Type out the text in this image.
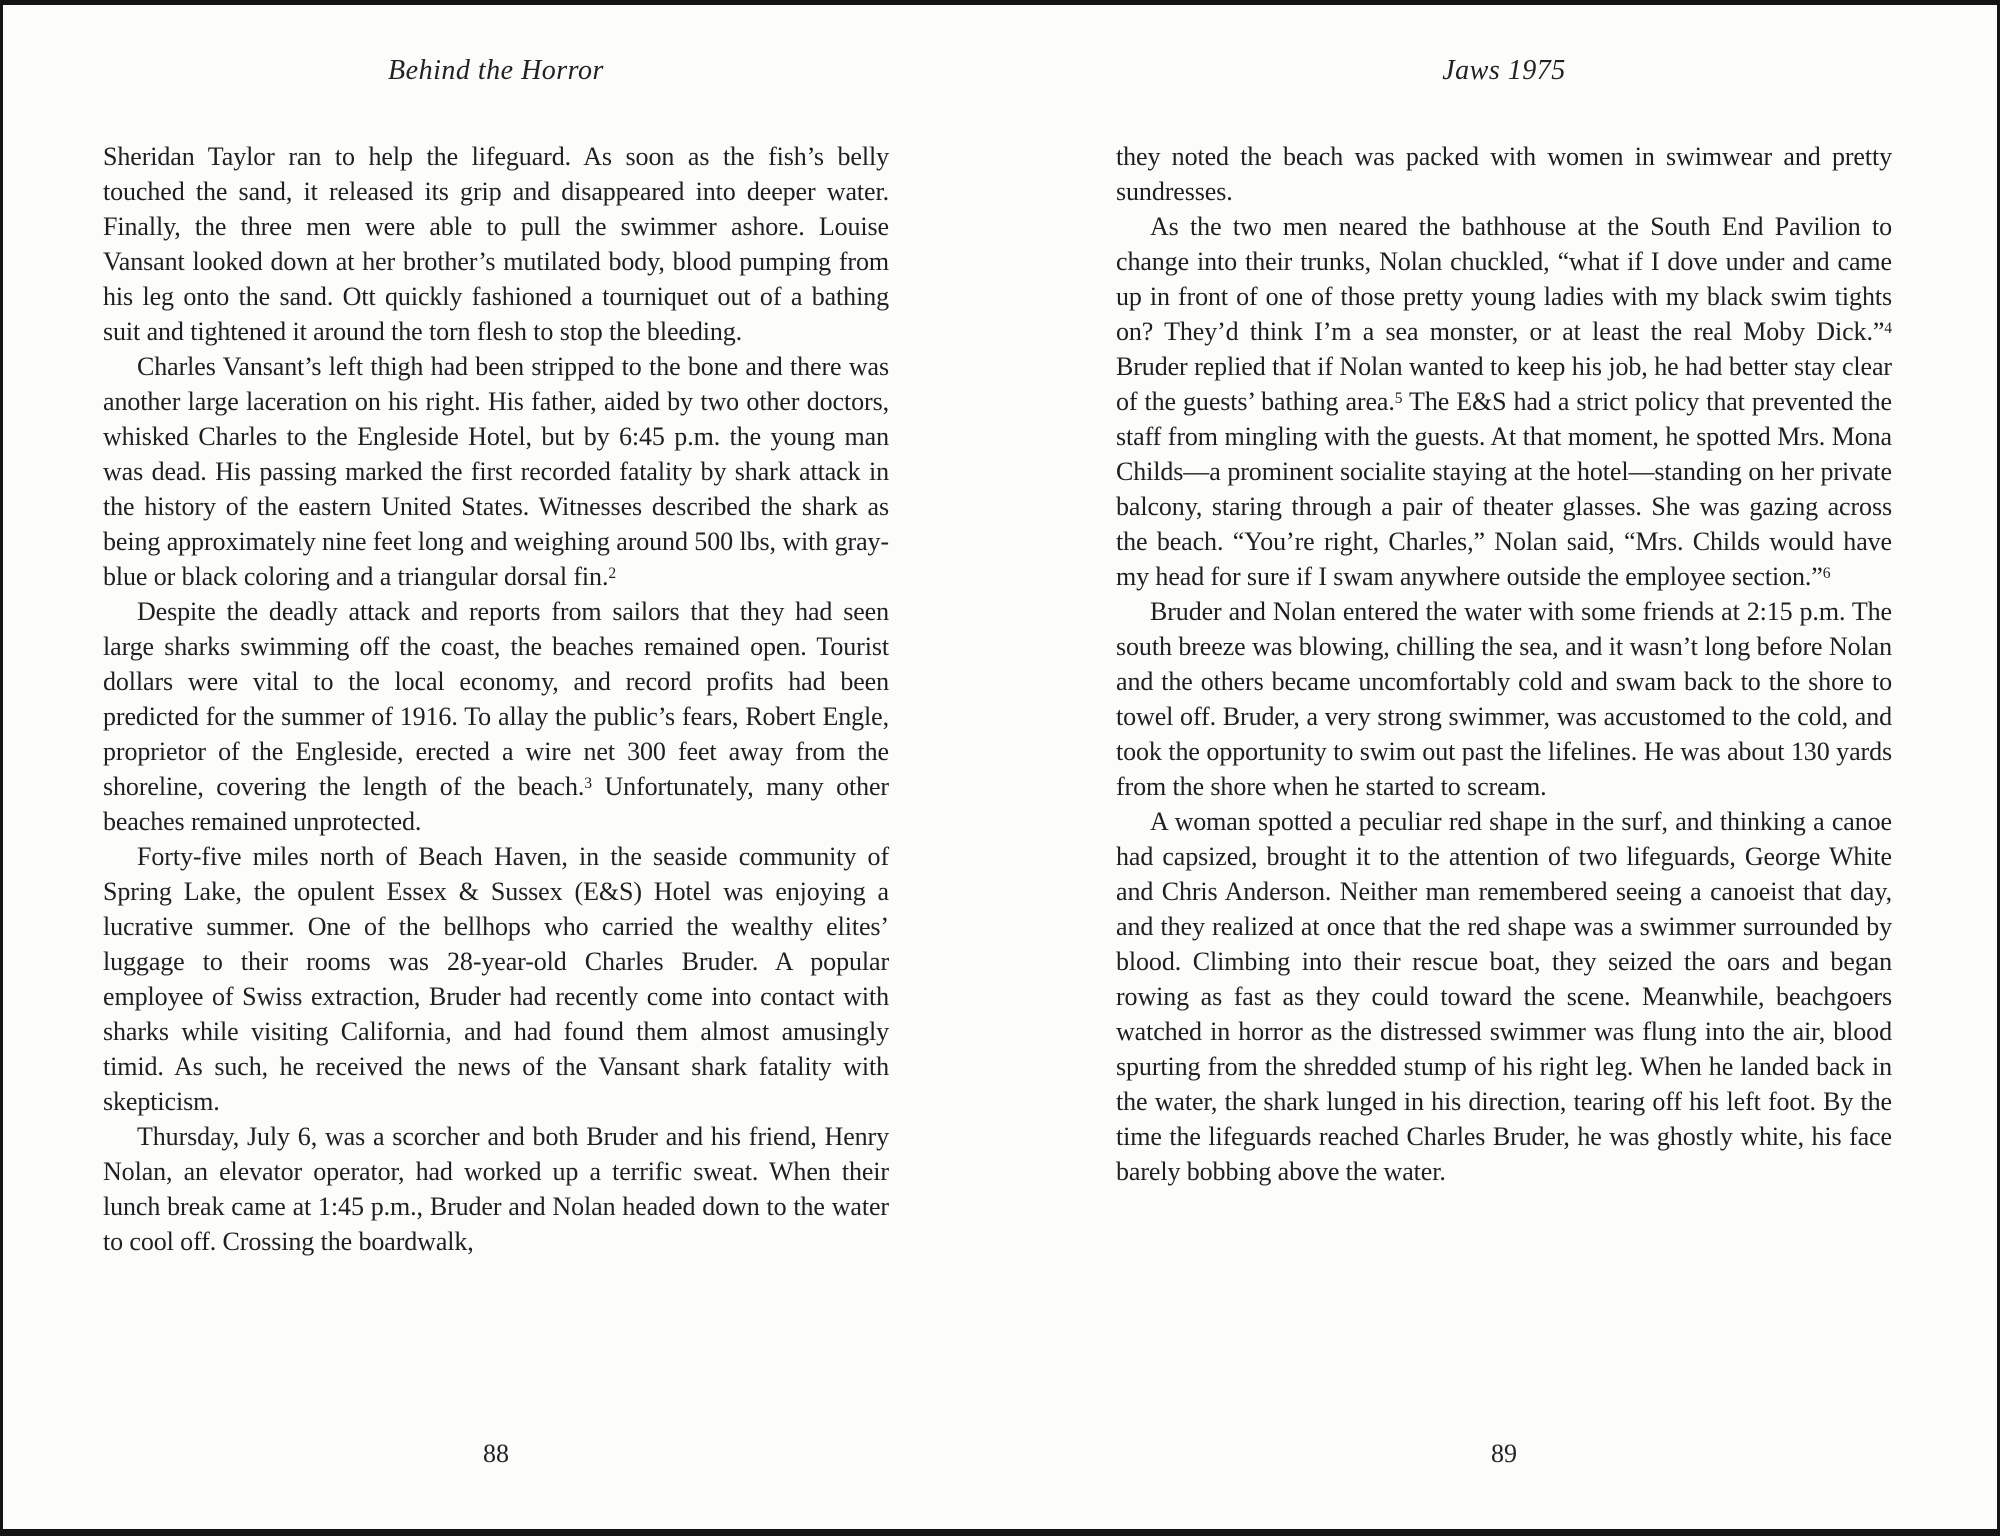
Behind the Horror

Sheridan Taylor ran to help the lifeguard. As soon as the fish’s belly touched the sand, it released its grip and disappeared into deeper water. Finally, the three men were able to pull the swimmer ashore. Louise Vansant looked down at her brother’s mutilated body, blood pumping from his leg onto the sand. Ott quickly fashioned a tourniquet out of a bathing suit and tightened it around the torn flesh to stop the bleeding.

Charles Vansant’s left thigh had been stripped to the bone and there was another large laceration on his right. His father, aided by two other doctors, whisked Charles to the Engleside Hotel, but by 6:45 p.m. the young man was dead. His passing marked the first recorded fatality by shark attack in the history of the eastern United States. Witnesses described the shark as being approximately nine feet long and weighing around 500 lbs, with gray-blue or black coloring and a triangular dorsal fin.$^2$

Despite the deadly attack and reports from sailors that they had seen large sharks swimming off the coast, the beaches remained open. Tourist dollars were vital to the local economy, and record profits had been predicted for the summer of 1916. To allay the public’s fears, Robert Engle, proprietor of the Engleside, erected a wire net 300 feet away from the shoreline, covering the length of the beach.$^3$ Unfortunately, many other beaches remained unprotected.

Forty-five miles north of Beach Haven, in the seaside community of Spring Lake, the opulent Essex & Sussex (E&S) Hotel was enjoying a lucrative summer. One of the bellhops who carried the wealthy elites’ luggage to their rooms was 28-year-old Charles Bruder. A popular employee of Swiss extraction, Bruder had recently come into contact with sharks while visiting California, and had found them almost amusingly timid. As such, he received the news of the Vansant shark fatality with skepticism.

Thursday, July 6, was a scorcher and both Bruder and his friend, Henry Nolan, an elevator operator, had worked up a terrific sweat. When their lunch break came at 1:45 p.m., Bruder and Nolan headed down to the water to cool off. Crossing the boardwalk,

88
Jaws 1975

they noted the beach was packed with women in swimwear and pretty sundresses.

As the two men neared the bathhouse at the South End Pavilion to change into their trunks, Nolan chuckled, “what if I dove under and came up in front of one of those pretty young ladies with my black swim tights on? They’d think I’m a sea monster, or at least the real Moby Dick.”$^4$ Bruder replied that if Nolan wanted to keep his job, he had better stay clear of the guests’ bathing area.$^5$ The E&S had a strict policy that prevented the staff from mingling with the guests. At that moment, he spotted Mrs. Mona Childs—a prominent socialite staying at the hotel—standing on her private balcony, staring through a pair of theater glasses. She was gazing across the beach. “You’re right, Charles,” Nolan said, “Mrs. Childs would have my head for sure if I swam anywhere outside the employee section.”$^6$

Bruder and Nolan entered the water with some friends at 2:15 p.m. The south breeze was blowing, chilling the sea, and it wasn’t long before Nolan and the others became uncomfortably cold and swam back to the shore to towel off. Bruder, a very strong swimmer, was accustomed to the cold, and took the opportunity to swim out past the lifelines. He was about 130 yards from the shore when he started to scream.

A woman spotted a peculiar red shape in the surf, and thinking a canoe had capsized, brought it to the attention of two lifeguards, George White and Chris Anderson. Neither man remembered seeing a canoeist that day, and they realized at once that the red shape was a swimmer surrounded by blood. Climbing into their rescue boat, they seized the oars and began rowing as fast as they could toward the scene. Meanwhile, beachgoers watched in horror as the distressed swimmer was flung into the air, blood spurting from the shredded stump of his right leg. When he landed back in the water, the shark lunged in his direction, tearing off his left foot. By the time the lifeguards reached Charles Bruder, he was ghostly white, his face barely bobbing above the water.

89
